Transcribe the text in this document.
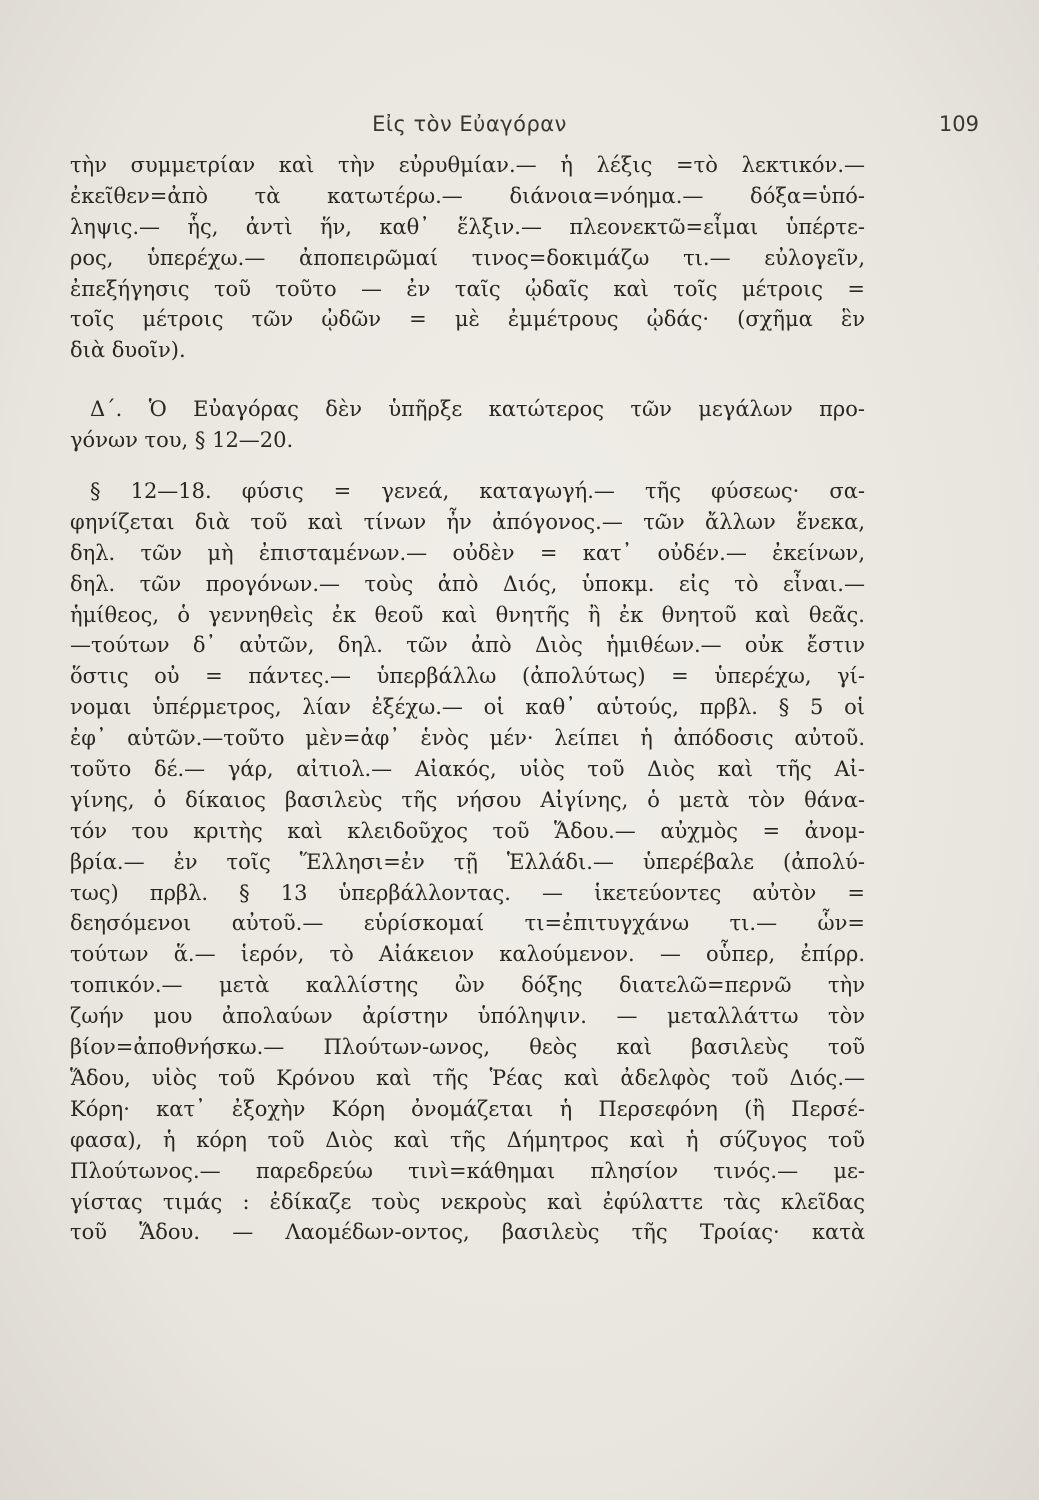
Εἰς τὸν Εὐαγόραν	109
τὴν συμμετρίαν καὶ τὴν εὐρυθμίαν.— ἡ λέξις =τὸ λεκτικόν.—
ἐκεῖθεν=ἀπὸ τὰ κατωτέρω.— διάνοια=νόημα.— δόξα=ὑπό-
ληψις.— ἧς, ἀντὶ ἥν, καθ᾿ ἕλξιν.— πλεονεκτῶ=εἶμαι ὑπέρτε-
ρος, ὑπερέχω.— ἀποπειρῶμαί τινος=δοκιμάζω τι.— εὐλογεῖν,
ἐπεξήγησις τοῦ τοῦτο — ἐν ταῖς ᾠδαῖς καὶ τοῖς μέτροις =
τοῖς μέτροις τῶν ᾠδῶν = μὲ ἐμμέτρους ᾠδάς· (σχῆμα ἓν
διὰ δυοῖν).
Δ΄. Ὁ Εὐαγόρας δὲν ὑπῆρξε κατώτερος τῶν μεγάλων προ-
γόνων του, § 12—20.
§ 12—18. φύσις = γενεά, καταγωγή.— τῆς φύσεως· σα-
φηνίζεται διὰ τοῦ καὶ τίνων ἦν ἀπόγονος.— τῶν ἄλλων ἕνεκα,
δηλ. τῶν μὴ ἐπισταμένων.— οὐδὲν = κατ᾿ οὐδέν.— ἐκείνων,
δηλ. τῶν προγόνων.— τοὺς ἀπὸ Διός, ὑποκμ. εἰς τὸ εἶναι.—
ἡμίθεος, ὁ γεννηθεὶς ἐκ θεοῦ καὶ θνητῆς ἢ ἐκ θνητοῦ καὶ θεᾶς.
—τούτων δ᾿ αὐτῶν, δηλ. τῶν ἀπὸ Διὸς ἡμιθέων.— οὐκ ἔστιν
ὅστις οὐ = πάντες.— ὑπερβάλλω (ἀπολύτως) = ὑπερέχω, γί-
νομαι ὑπέρμετρος, λίαν ἐξέχω.— οἱ καθ᾿ αὑτούς, πρβλ. § 5 οἱ
ἐφ᾿ αὑτῶν.—τοῦτο μὲν=ἀφ᾿ ἑνὸς μέν· λείπει ἡ ἀπόδοσις αὐτοῦ.
τοῦτο δέ.— γάρ, αἰτιολ.— Αἰακός, υἱὸς τοῦ Διὸς καὶ τῆς Αἰ-
γίνης, ὁ δίκαιος βασιλεὺς τῆς νήσου Αἰγίνης, ὁ μετὰ τὸν θάνα-
τόν του κριτὴς καὶ κλειδοῦχος τοῦ Ἅδου.— αὐχμὸς = ἀνομ-
βρία.— ἐν τοῖς Ἕλλησι=ἐν τῇ Ἑλλάδι.— ὑπερέβαλε (ἀπολύ-
τως) πρβλ. § 13 ὑπερβάλλοντας. — ἱκετεύοντες αὐτὸν =
δεησόμενοι αὐτοῦ.— εὑρίσκομαί τι=ἐπιτυγχάνω τι.— ὧν=
τούτων ἅ.— ἱερόν, τὸ Αἰάκειον καλούμενον. — οὗπερ, ἐπίρρ.
τοπικόν.— μετὰ καλλίστης ὢν δόξης διατελῶ=περνῶ τὴν
ζωήν μου ἀπολαύων ἀρίστην ὑπόληψιν. — μεταλλάττω τὸν
βίον=ἀποθνήσκω.— Πλούτων-ωνος, θεὸς καὶ βασιλεὺς τοῦ
Ἅδου, υἱὸς τοῦ Κρόνου καὶ τῆς Ῥέας καὶ ἀδελφὸς τοῦ Διός.—
Κόρη· κατ᾿ ἐξοχὴν Κόρη ὀνομάζεται ἡ Περσεφόνη (ἢ Περσέ-
φασα), ἡ κόρη τοῦ Διὸς καὶ τῆς Δήμητρος καὶ ἡ σύζυγος τοῦ
Πλούτωνος.— παρεδρεύω τινὶ=κάθημαι πλησίον τινός.— με-
γίστας τιμάς : ἐδίκαζε τοὺς νεκροὺς καὶ ἐφύλαττε τὰς κλεῖδας
τοῦ Ἅδου. — Λαομέδων-οντος, βασιλεὺς τῆς Τροίας· κατὰ
